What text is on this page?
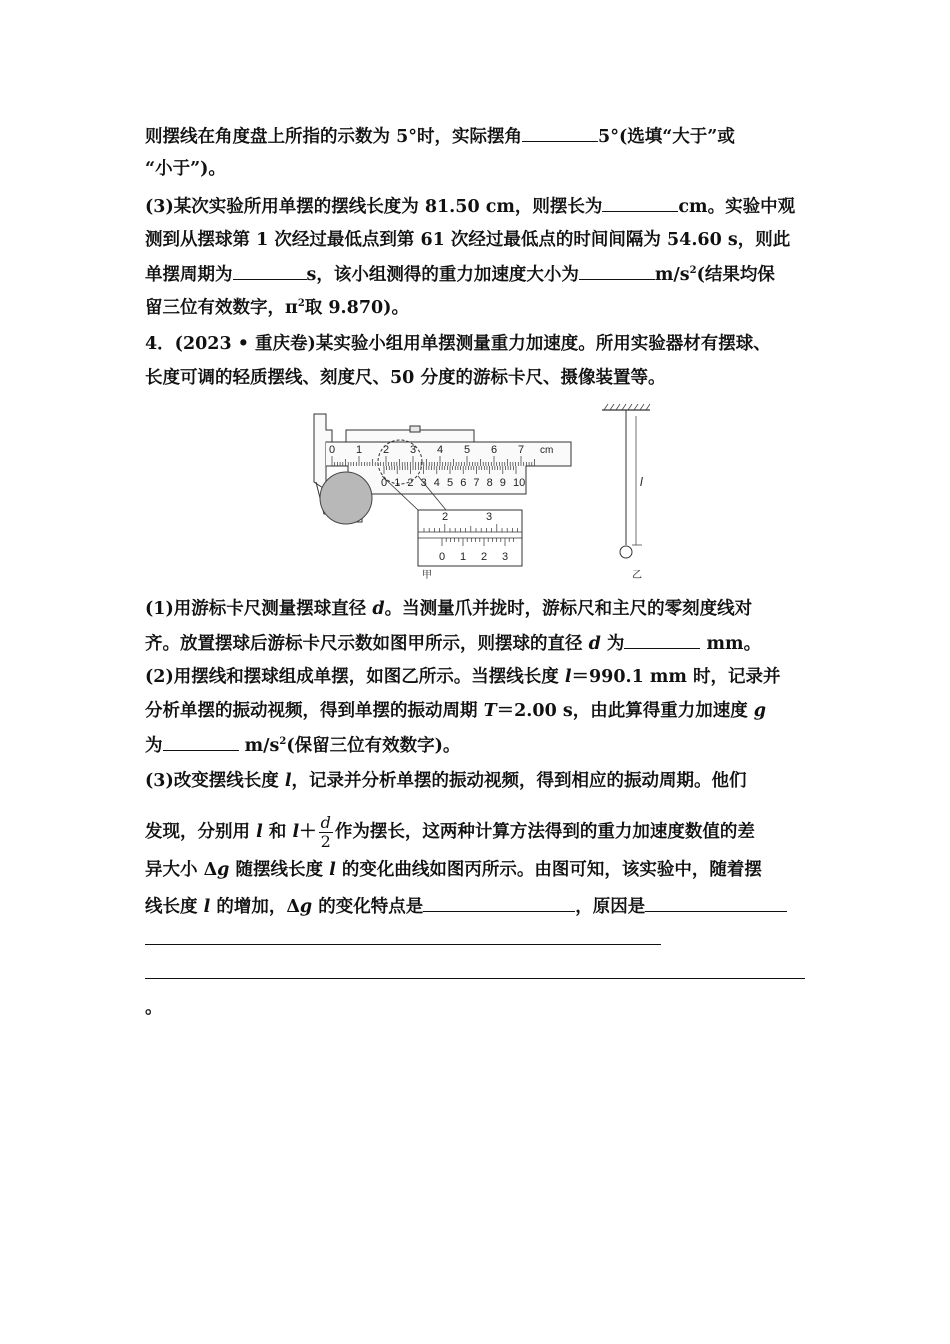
则摆线在角度盘上所指的示数为 5°时，实际摆角	5°(选填“大于”或
“小于”)。
(3)某次实验所用单摆的摆线长度为 81.50 cm，则摆长为	cm。实验中观
测到从摆球第 1 次经过最低点到第 61 次经过最低点的时间间隔为 54.60 s，则此
单摆周期为	s，该小组测得的重力加速度大小为	$m/s^2$(结果均保
留三位有效数字，$\pi^2$取 9.870)。
4．(2023 • 重庆卷)某实验小组用单摆测量重力加速度。所用实验器材有摆球、
长度可调的轻质摆线、刻度尺、50 分度的游标卡尺、摄像装置等。
0 1 2 3 4 5 6 7 cm
0 1 2 3 4 5 6 7 8 9 10
2	3
0 1 2 3
甲
l
乙
(1)用游标卡尺测量摆球直径 d。当测量爪并拢时，游标尺和主尺的零刻度线对
齐。放置摆球后游标卡尺示数如图甲所示，则摆球的直径 d 为	mm。
(2)用摆线和摆球组成单摆，如图乙所示。当摆线长度 l＝990.1 mm 时，记录并
分析单摆的振动视频，得到单摆的振动周期 T＝2.00 s，由此算得重力加速度 g
为	$m/s^2$(保留三位有效数字)。
(3)改变摆线长度 l，记录并分析单摆的振动视频，得到相应的振动周期。他们
发现，分别用 l 和 $l+ \frac{d}{2}$ 作为摆长，这两种计算方法得到的重力加速度数值的差
异大小 Δg 随摆线长度 l 的变化曲线如图丙所示。由图可知，该实验中，随着摆
线长度 l 的增加，Δg 的变化特点是	，原因是
。
